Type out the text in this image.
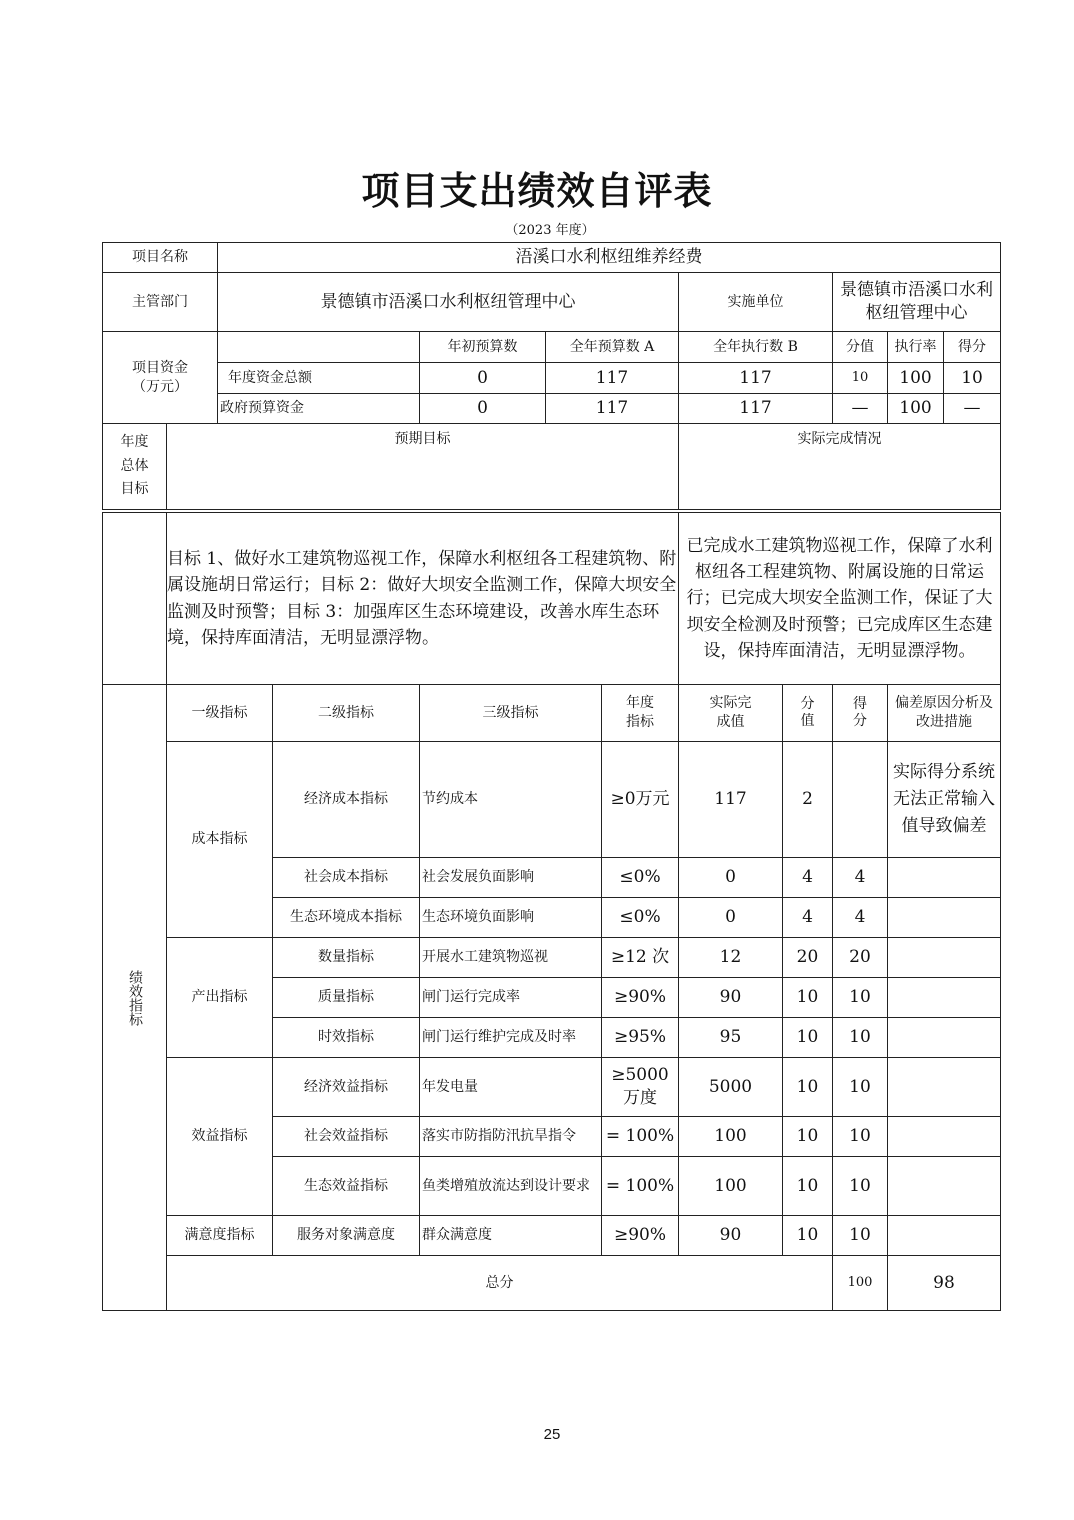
项目支出绩效自评表
（2023 年度）
项目名称	浯溪口水利枢纽维养经费						
主管部门	景德镇市浯溪口水利枢纽管理中心			实施单位	景德镇市浯溪口水利枢纽管理中心		

项目资金
（万元）		年初预算数	全年预算数 A	全年执行数 B	分值	执行率	得分
	年度资金总额	0	117	117	10	100	10
	政府预算资金	0	117	117	—	100	—
年度总体目标
	预期目标	实际完成情况
	目标 1、做好水工建筑物巡视工作，保障水利枢纽各工程建筑物、附属设施胡日常运行；目标 2：做好大坝安全监测工作，保障大坝安全监测及时预警；目标 3：加强库区生态环境建设，改善水库生态环境，保持库面清洁，无明显漂浮物。	已完成水工建筑物巡视工作，保障了水利枢纽各工程建筑物、附属设施的日常运行；已完成大坝安全监测工作，保证了大坝安全检测及时预警；已完成库区生态建设，保持库面清洁，无明显漂浮物。
绩效指标	一级指标	二级指标	三级指标	年度指标	实际完成值	分值	得分	偏差原因分析及改进措施	

	成本指标	经济成本指标	节约成本	≥0万元	117	2		实际得分系统无法正常输入值导致偏差	

		社会成本指标	社会发展负面影响	≤0%	0	4	4		
		生态环境成本指标	生态环境负面影响	≤0%	0	4	4		
	产出指标	数量指标	开展水工建筑物巡视	≥12 次	12	20	20		
		质量指标	闸门运行完成率	≥90%	90	10	10		
		时效指标	闸门运行维护完成及时率	≥95%	95	10	10		
	效益指标	经济效益指标	年发电量	≥5000万度	5000	10	10		
		社会效益指标	落实市防指防汛抗旱指令	= 100%	100	10	10		
		生态效益指标	鱼类增殖放流达到设计要求	= 100%	100	10	10		
	满意度指标	服务对象满意度	群众满意度	≥90%	90	10	10		
	总分						100	98	
25
